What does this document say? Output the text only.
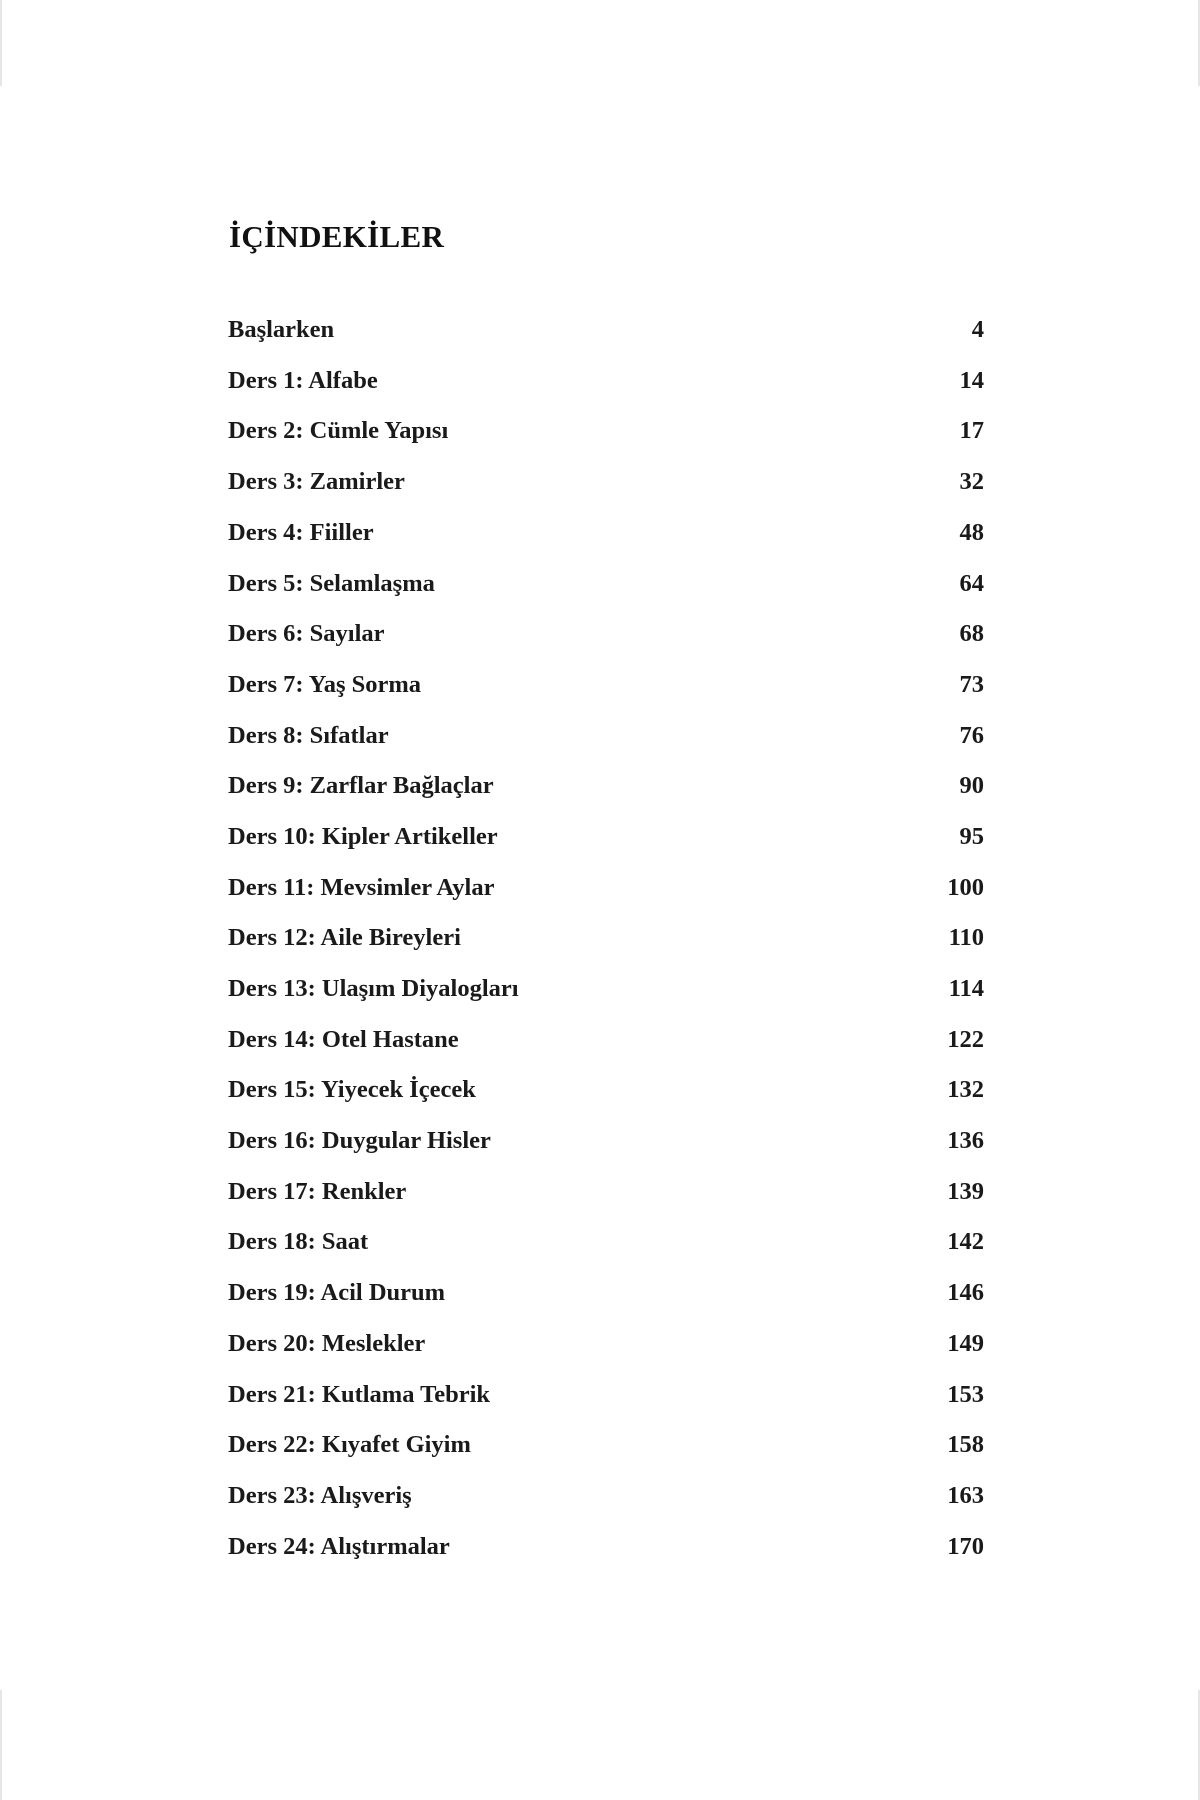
İÇİNDEKİLER
Başlarken	4
Ders 1: Alfabe	14
Ders 2: Cümle Yapısı	17
Ders 3: Zamirler	32
Ders 4: Fiiller	48
Ders 5: Selamlaşma	64
Ders 6: Sayılar	68
Ders 7: Yaş Sorma	73
Ders 8: Sıfatlar	76
Ders 9: Zarflar Bağlaçlar	90
Ders 10: Kipler Artikeller	95
Ders 11: Mevsimler Aylar	100
Ders 12: Aile Bireyleri	110
Ders 13: Ulaşım Diyalogları	114
Ders 14: Otel Hastane	122
Ders 15: Yiyecek İçecek	132
Ders 16: Duygular Hisler	136
Ders 17: Renkler	139
Ders 18: Saat	142
Ders 19: Acil Durum	146
Ders 20: Meslekler	149
Ders 21: Kutlama Tebrik	153
Ders 22: Kıyafet Giyim	158
Ders 23: Alışveriş	163
Ders 24: Alıştırmalar	170
